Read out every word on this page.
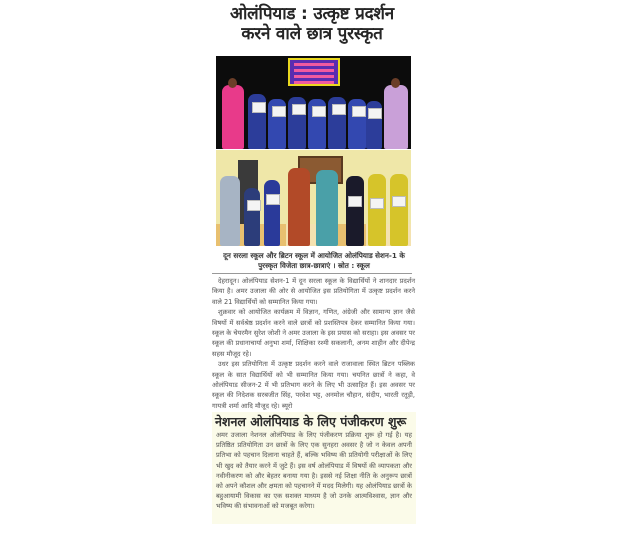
ओलंपियाड : उत्कृष्ट प्रदर्शन
करने वाले छात्र पुरस्कृत
दून सरला स्कूल और ब्रिटन स्कूल में आयोजित ओलंपियाड सेशन-1 के
पुरस्कृत विजेता छात्र-छात्राएं । स्रोत : स्कूल

देहरादून। ओलंपियाड सेशन-1 में दून सरला स्कूल के विद्यार्थियों ने शानदार प्रदर्शन किया है। अमर उजाला की ओर से आयोजित इस प्रतियोगिता में उत्कृष्ट प्रदर्शन करने वाले 21 विद्यार्थियों को सम्मानित किया गया।

शुक्रवार को आयोजित कार्यक्रम में विज्ञान, गणित, अंग्रेजी और सामान्य ज्ञान जैसे विषयों में सर्वश्रेष्ठ प्रदर्शन करने वाले छात्रों को प्रशस्तिपत्र देकर सम्मानित किया गया। स्कूल के चेयरमैन सुरेश जोशी ने अमर उजाला के इस प्रयास को सराहा। इस अवसर पर स्कूल की प्रधानाचार्या अनुभा शर्मा, शिक्षिका रश्मी सकलानी, अनम शाहीन और दीपेन्द्र सहस मौजूद रहे।

उधर इस प्रतियोगिता में उत्कृष्ट प्रदर्शन करने वाले राजावाला स्थित ब्रिटन पब्लिक स्कूल के सात विद्यार्थियों को भी सम्मानित किया गया। चयनित छात्रों ने कहा, वे ओलंपियाड सीजन-2 में भी प्रतिभाग करने के लिए भी उत्साहित हैं। इस अवसर पर स्कूल की निदेशक सरबजीत सिंह, परवेश भट्ट, अनमोल चौहान, संदीप, भारती रतूड़ी, गायत्री शर्मा आदि मौजूद रहे। ब्यूरो

नेशनल ओलंपियाड के लिए पंजीकरण शुरू
अमर उजाला नेशनल ओलंपियाड के लिए पंजीकरण प्रक्रिया शुरू हो गई है। यह प्रतिष्ठित प्रतियोगिता उन छात्रों के लिए एक सुनहरा अवसर है जो न केवल अपनी प्रतिभा को पहचान दिलाना चाहते हैं, बल्कि भविष्य की प्रतियोगी परीक्षाओं के लिए भी खुद को तैयार करने में जुटे हैं। इस वर्ष ओलंपियाड में विषयों की व्यापकता और नवीनीकरण को और बेहतर बनाया गया है। इससे नई शिक्षा नीति के अनुरूप छात्रों को अपने कौशल और क्षमता को पहचानने में मदद मिलेगी। यह ओलंपियाड छात्रों के बहुआयामी विकास का एक सशक्त माध्यम है जो उनके आत्मविश्वास, ज्ञान और भविष्य की संभावनाओं को मजबूत करेगा।
